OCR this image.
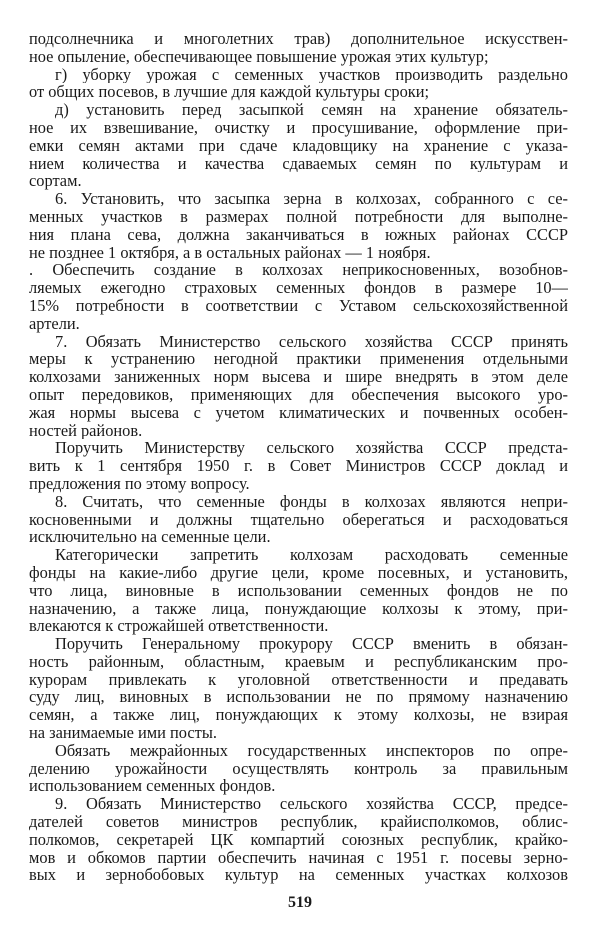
подсолнечника и многолетних трав) дополнительное искусствен-
ное опыление, обеспечивающее повышение урожая этих культур;
г) уборку урожая с семенных участков производить раздельно
от общих посевов, в лучшие для каждой культуры сроки;
д) установить перед засыпкой семян на хранение обязатель-
ное их взвешивание, очистку и просушивание, оформление при-
емки семян актами при сдаче кладовщику на хранение с указа-
нием количества и качества сдаваемых семян по культурам и
сортам.
6. Установить, что засыпка зерна в колхозах, собранного с се-
менных участков в размерах полной потребности для выполне-
ния плана сева, должна заканчиваться в южных районах СССР
не позднее 1 октября, а в остальных районах — 1 ноября.
. Обеспечить создание в колхозах неприкосновенных, возобнов-
ляемых ежегодно страховых семенных фондов в размере 10—
15% потребности в соответствии с Уставом сельскохозяйственной
артели.
7. Обязать Министерство сельского хозяйства СССР принять
меры к устранению негодной практики применения отдельными
колхозами заниженных норм высева и шире внедрять в этом деле
опыт передовиков, применяющих для обеспечения высокого уро-
жая нормы высева с учетом климатических и почвенных особен-
ностей районов.
Поручить Министерству сельского хозяйства СССР предста-
вить к 1 сентября 1950 г. в Совет Министров СССР доклад и
предложения по этому вопросу.
8. Считать, что семенные фонды в колхозах являются непри-
косновенными и должны тщательно оберегаться и расходоваться
исключительно на семенные цели.
Категорически запретить колхозам расходовать семенные
фонды на какие-либо другие цели, кроме посевных, и установить,
что лица, виновные в использовании семенных фондов не по
назначению, а также лица, понуждающие колхозы к этому, при-
влекаются к строжайшей ответственности.
Поручить Генеральному прокурору СССР вменить в обязан-
ность районным, областным, краевым и республиканским про-
курорам привлекать к уголовной ответственности и предавать
суду лиц, виновных в использовании не по прямому назначению
семян, а также лиц, понуждающих к этому колхозы, не взирая
на занимаемые ими посты.
Обязать межрайонных государственных инспекторов по опре-
делению урожайности осуществлять контроль за правильным
использованием семенных фондов.
9. Обязать Министерство сельского хозяйства СССР, предсе-
дателей советов министров республик, крайисполкомов, облис-
полкомов, секретарей ЦК компартий союзных республик, крайко-
мов и обкомов партии обеспечить начиная с 1951 г. посевы зерно-
вых и зернобобовых культур на семенных участках колхозов
519
